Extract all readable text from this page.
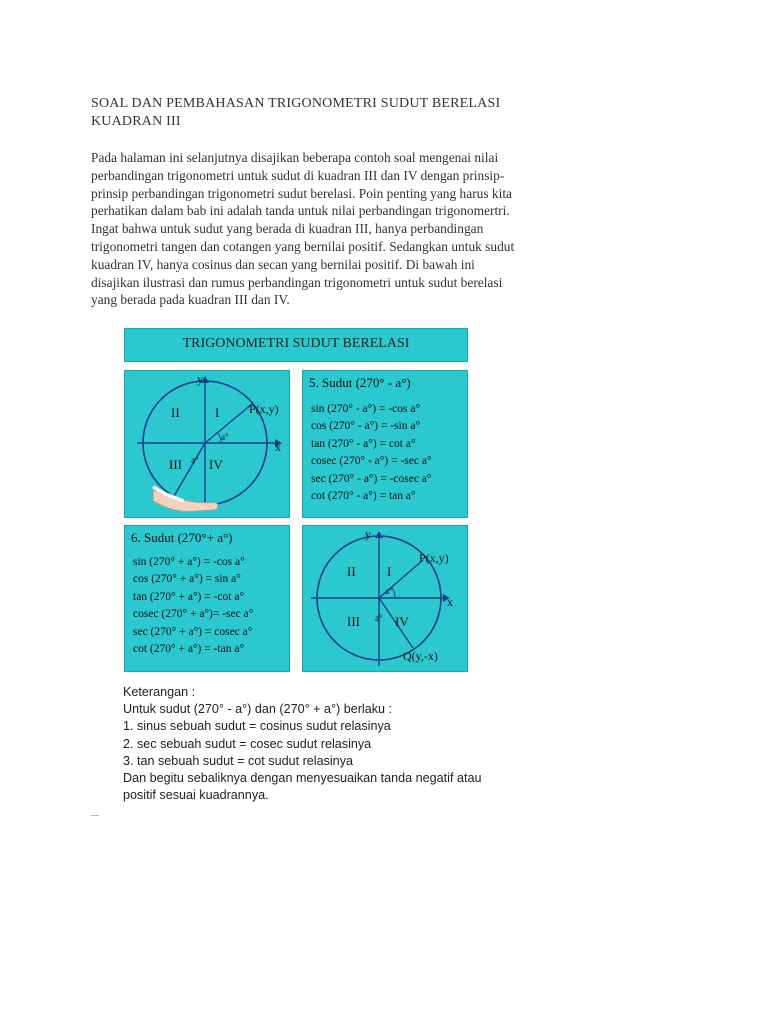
SOAL DAN PEMBAHASAN TRIGONOMETRI SUDUT BERELASI
KUADRAN III
Pada halaman ini selanjutnya disajikan beberapa contoh soal mengenai nilai
perbandingan trigonometri untuk sudut di kuadran III dan IV dengan prinsip-
prinsip perbandingan trigonometri sudut berelasi. Poin penting yang harus kita
perhatikan dalam bab ini adalah tanda untuk nilai perbandingan trigonomertri.
Ingat bahwa untuk sudut yang berada di kuadran III, hanya perbandingan
trigonometri tangen dan cotangen yang bernilai positif. Sedangkan untuk sudut
kuadran IV, hanya cosinus dan secan yang bernilai positif. Di bawah ini
disajikan ilustrasi dan rumus perbandingan trigonometri untuk sudut berelasi
yang berada pada kuadran III dan IV.
TRIGONOMETRI SUDUT BERELASI
y
x
II	I
III IV
P(x,y)
a°
a°
5. Sudut (270° - a°)
sin (270° - a°) = -cos a°
cos (270° - a°) = -sin a°
tan (270° - a°) = cot a°
cosec (270° - a°) = -sec a°
sec (270° - a°) = -cosec a°
cot (270° - a°) = tan a°
6. Sudut (270°+ a°)
sin (270° + a°) = -cos a°
cos (270° + a°) = sin a°
tan (270° + a°) = -cot a°
cosec (270° + a°)= -sec a°
sec (270° + a°) = cosec a°
cot (270° + a°) = -tan a°
y
x
II I
III	IV
P(x,y)
a°
a°
Q(y,-x)
Keterangan :
Untuk sudut (270° - a°) dan (270° + a°) berlaku :
1. sinus sebuah sudut = cosinus sudut relasinya
2. sec sebuah sudut = cosec sudut relasinya
3. tan sebuah sudut = cot sudut relasinya
Dan begitu sebaliknya dengan menyesuaikan tanda negatif atau
positif sesuai kuadrannya.
